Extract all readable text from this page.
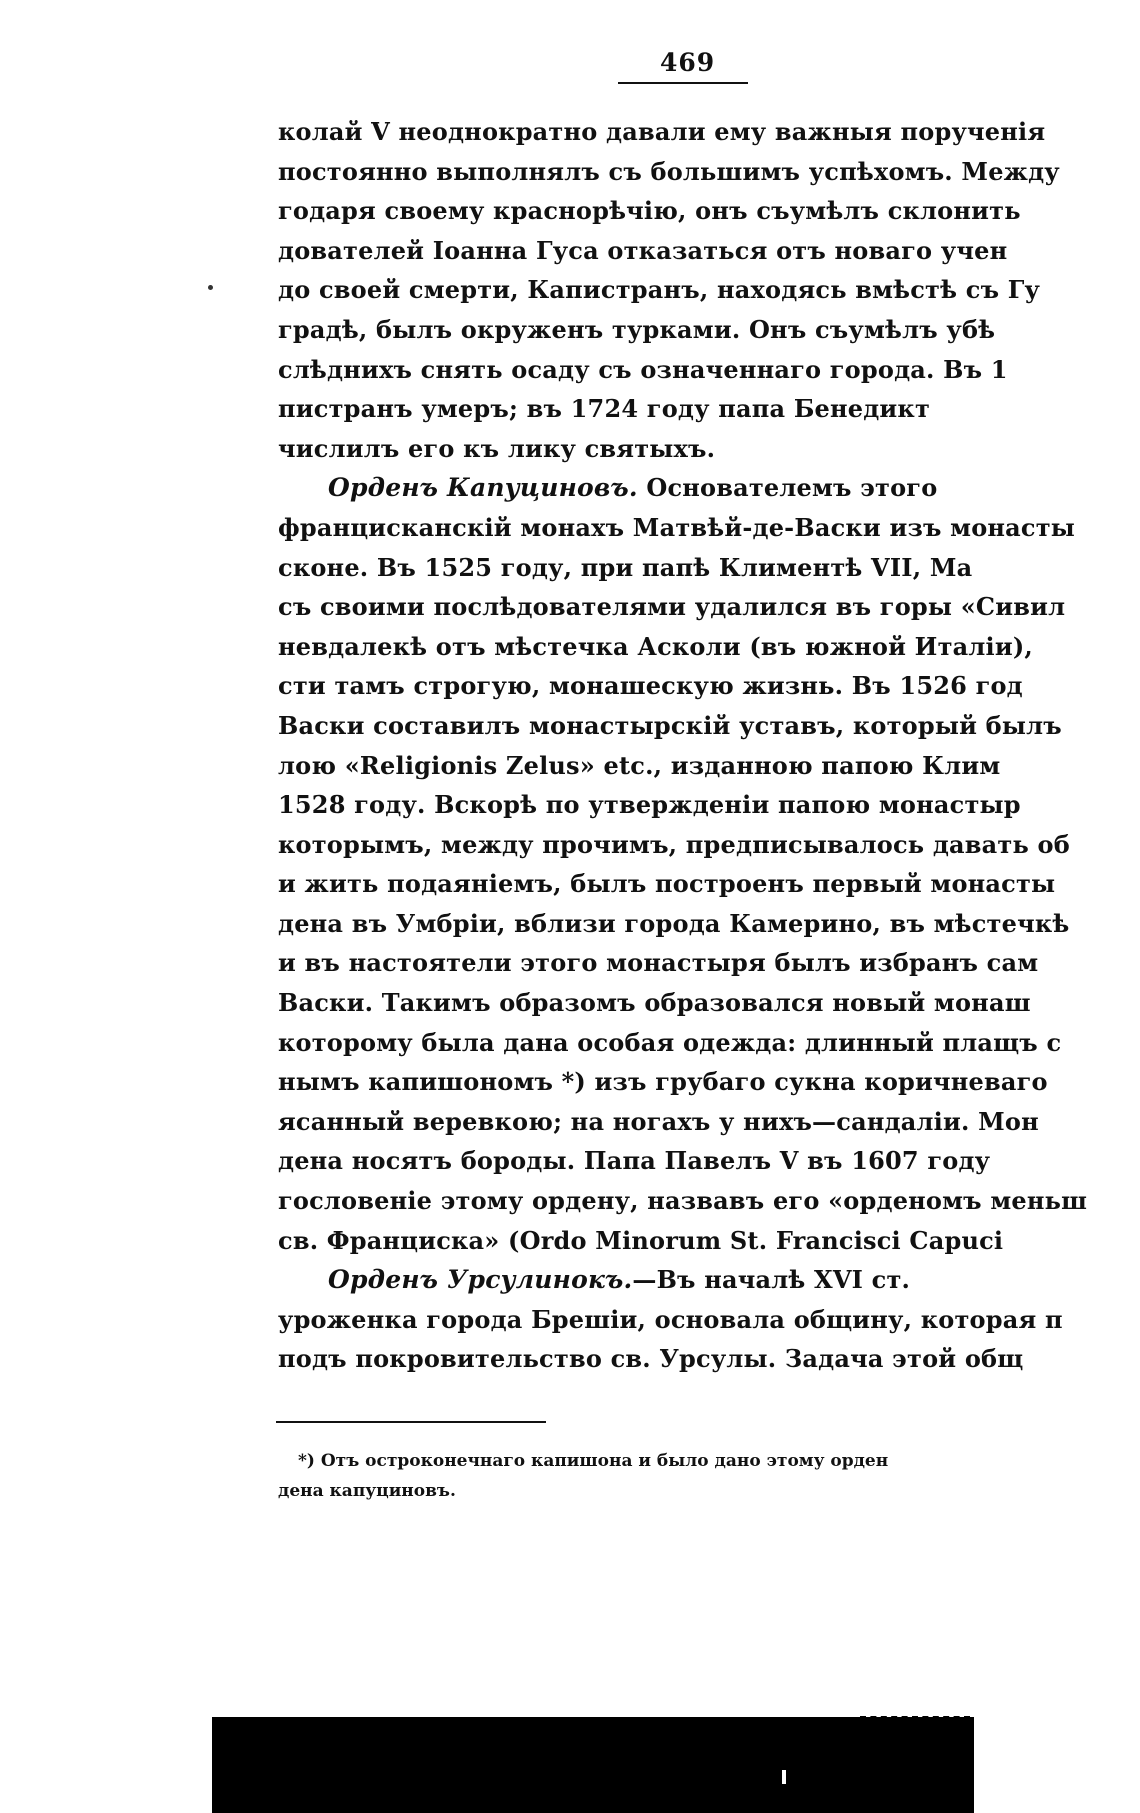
469
колай V неоднократно давали ему важныя порученія
постоянно выполнялъ съ большимъ успѣхомъ. Между
годаря своему краснорѣчію, онъ съумѣлъ склонить
дователей Іоанна Гуса отказаться отъ новаго учен
до своей смерти, Капистранъ, находясь вмѣстѣ съ Гу
градѣ, былъ окруженъ турками. Онъ съумѣлъ убѣ
слѣднихъ снять осаду съ означеннаго города. Въ 1
пистранъ умеръ; въ 1724 году папа Бенедикт
числилъ его къ лику святыхъ.
Орденъ Капуциновъ. Основателемъ этого
францисканскій монахъ Матвѣй-де-Васки изъ монасты
сконе. Въ 1525 году, при папѣ Климентѣ VII, Ма
съ своими послѣдователями удалился въ горы «Сивил
невдалекѣ отъ мѣстечка Асколи (въ южной Италіи),
сти тамъ строгую, монашескую жизнь. Въ 1526 год
Васки составилъ монастырскій уставъ, который былъ
лою «Religionis Zelus» etc., изданною папою Клим
1528 году. Вскорѣ по утвержденіи папою монастыр
которымъ, между прочимъ, предписывалось давать об
и жить подаяніемъ, былъ построенъ первый монасты
дена въ Умбріи, вблизи города Камерино, въ мѣстечкѣ
и въ настоятели этого монастыря былъ избранъ сам
Васки. Такимъ образомъ образовался новый монаш
которому была дана особая одежда: длинный плащъ с
нымъ капишономъ *) изъ грубаго сукна коричневаго
ясанный веревкою; на ногахъ у нихъ—сандаліи. Мон
дена носятъ бороды. Папа Павелъ V въ 1607 году
гословеніе этому ордену, назвавъ его «орденомъ меньш
св. Франциска» (Ordo Minorum St. Francisci Capuci
Орденъ Урсулинокъ.—Въ началѣ XVI ст.
уроженка города Брешіи, основала общину, которая п
подъ покровительство св. Урсулы. Задача этой общ
*) Отъ остроконечнаго капишона и было дано этому орден
дена капуциновъ.
